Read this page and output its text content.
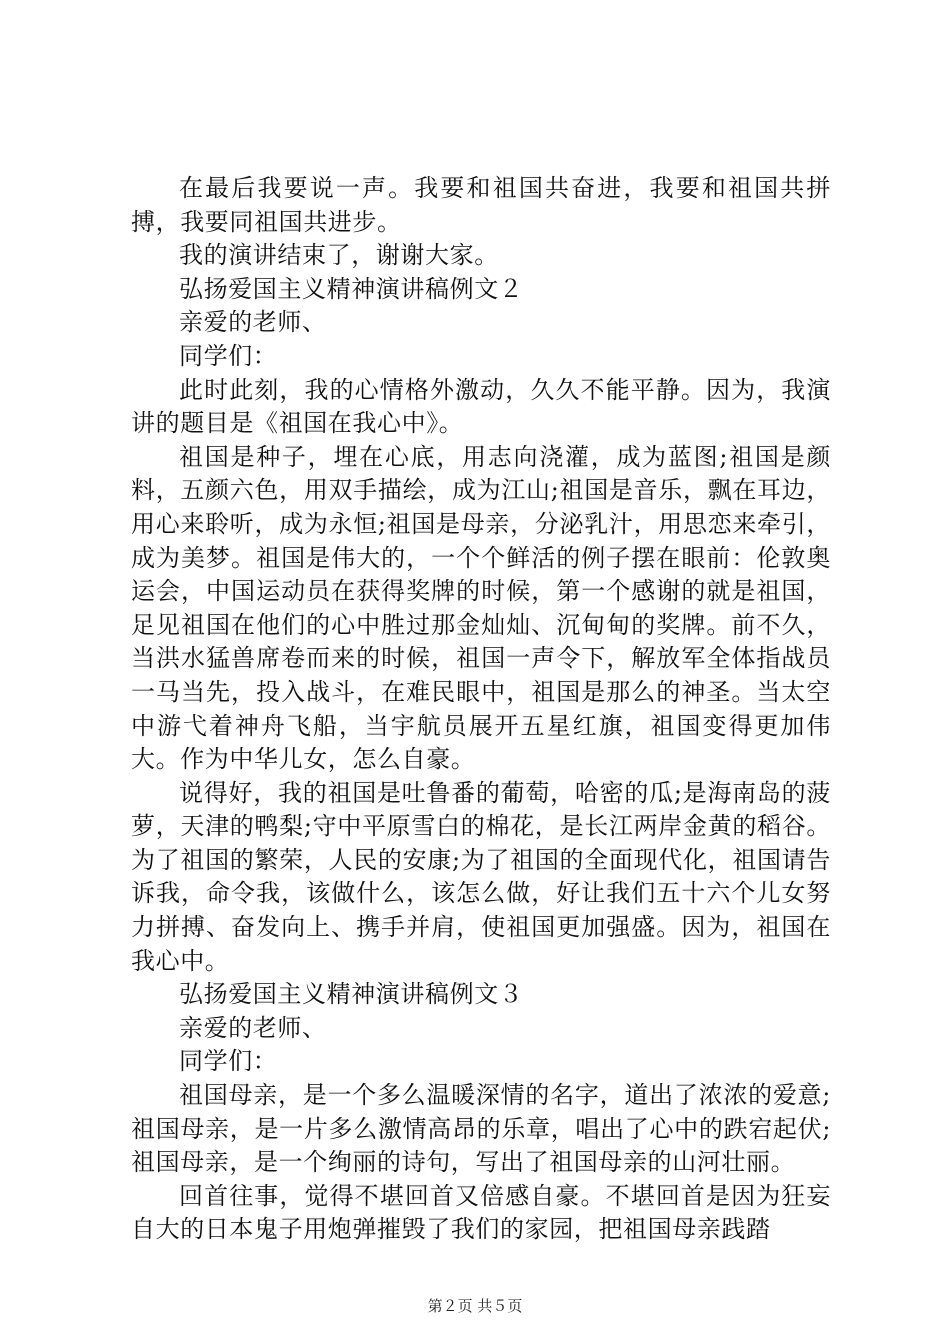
在最后我要说一声。我要和祖国共奋进，我要和祖国共拼搏，我要同祖国共进步。

我的演讲结束了，谢谢大家。

弘扬爱国主义精神演讲稿例文２

亲爱的老师、

同学们：

此时此刻，我的心情格外激动，久久不能平静。因为，我演讲的题目是《祖国在我心中》。

祖国是种子，埋在心底，用志向浇灌，成为蓝图;祖国是颜料，五颜六色，用双手描绘，成为江山;祖国是音乐，飘在耳边，用心来聆听，成为永恒;祖国是母亲，分泌乳汁，用思恋来牵引，成为美梦。祖国是伟大的，一个个鲜活的例子摆在眼前：伦敦奥运会，中国运动员在获得奖牌的时候，第一个感谢的就是祖国，足见祖国在他们的心中胜过那金灿灿、沉甸甸的奖牌。前不久，当洪水猛兽席卷而来的时候，祖国一声令下，解放军全体指战员一马当先，投入战斗，在难民眼中，祖国是那么的神圣。当太空中游弋着神舟飞船，当宇航员展开五星红旗，祖国变得更加伟大。作为中华儿女，怎么自豪。

说得好，我的祖国是吐鲁番的葡萄，哈密的瓜;是海南岛的菠萝，天津的鸭梨;守中平原雪白的棉花，是长江两岸金黄的稻谷。为了祖国的繁荣，人民的安康;为了祖国的全面现代化，祖国请告诉我，命令我，该做什么，该怎么做，好让我们五十六个儿女努力拼搏、奋发向上、携手并肩，使祖国更加强盛。因为，祖国在我心中。

弘扬爱国主义精神演讲稿例文３

亲爱的老师、

同学们：

祖国母亲，是一个多么温暖深情的名字，道出了浓浓的爱意;祖国母亲，是一片多么激情高昂的乐章，唱出了心中的跌宕起伏;祖国母亲，是一个绚丽的诗句，写出了祖国母亲的山河壮丽。

回首往事，觉得不堪回首又倍感自豪。不堪回首是因为狂妄自大的日本鬼子用炮弹摧毁了我们的家园，把祖国母亲践踏

第２页 共５页
